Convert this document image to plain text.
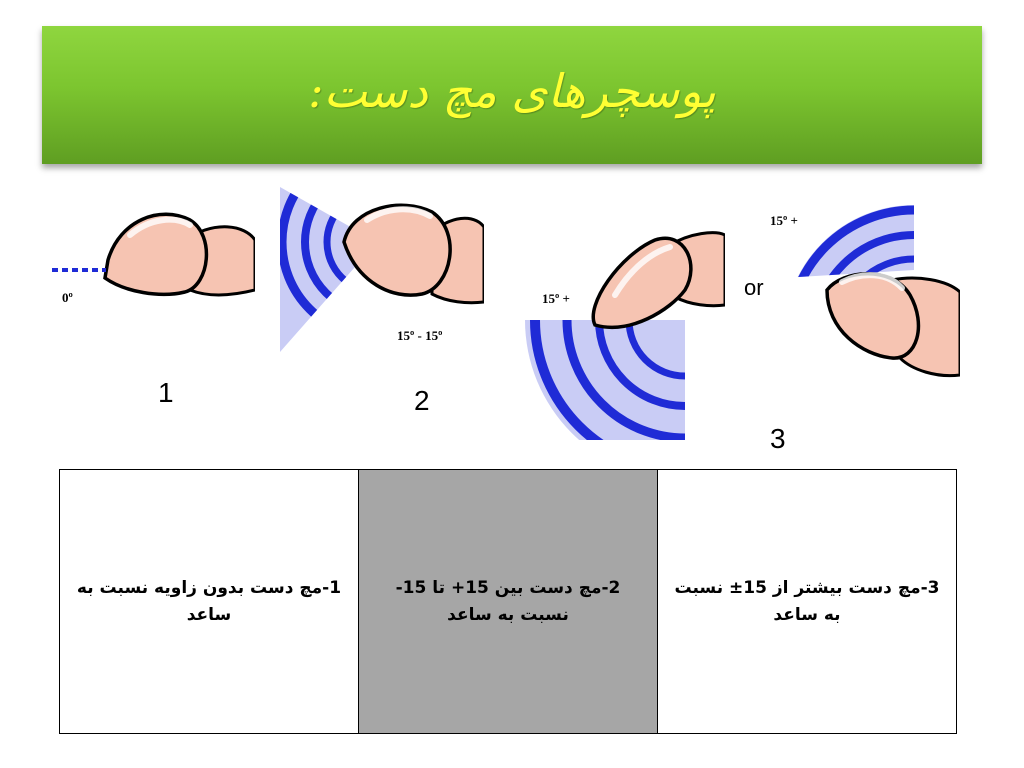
پوسچرهای مچ دست:
0º
1
15º - 15º
2
15º +
15º +
or
3
3-مچ دست بیشتر از 15± نسبت به ساعد	2-مچ دست بین 15+ تا 15- نسبت به ساعد	1-مچ دست بدون زاویه نسبت به ساعد
